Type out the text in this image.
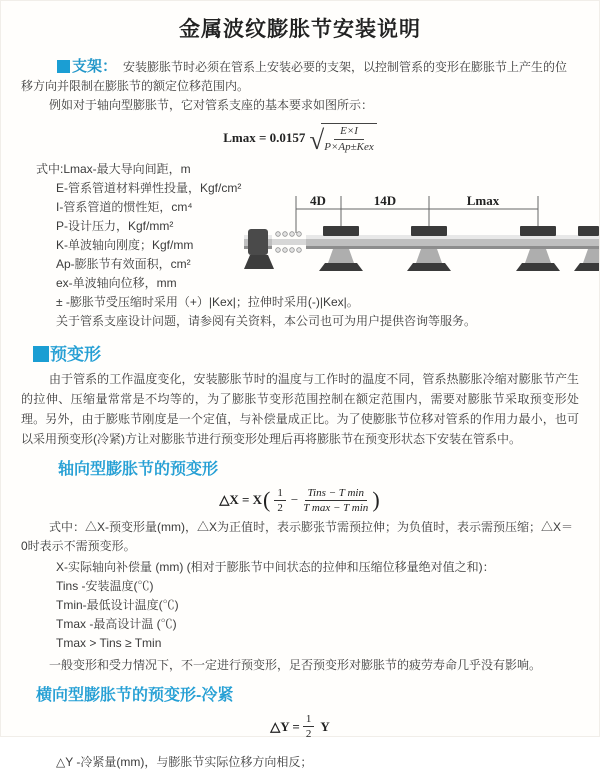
金属波纹膨胀节安装说明

支架： 安装膨胀节时必须在管系上安装必要的支架，以控制管系的变形在膨胀节上产生的位移方向并限制在膨胀节的额定位移范围内。

例如对于轴向型膨胀节，它对管系支座的基本要求如图所示：

Lmax = 0.0157 √
$\frac{E\times I}{\text{P×Ap±Kex}}$
式中:Lmax-最大导向间距，m
E-管系管道材料弹性投量，Kgf/cm²
I-管系管道的惯性矩，cm⁴
P-设计压力，Kgf/mm²
K-单波轴向刚度；Kgf/mm
Ap-膨胀节有效面积，cm²
ex-单波轴向位移，mm
± -膨胀节受压缩时采用（+）|Kex|；拉伸时采用(-)|Kex|。
关于管系支座设计问题，请参阅有关资料，本公司也可为用户提供咨询等服务。
预变形

由于管系的工作温度变化，安装膨胀节时的温度与工作时的温度不同，管系热膨胀冷缩对膨胀节产生的拉伸、压缩量常常是不均等的，为了膨胀节变形范围控制在额定范围内，需要对膨胀节采取预变形处理。另外，由于膨账节刚度是一个定值，与补偿量成正比。为了使膨胀节位移对管系的作用力最小，也可以采用预变形(冷紧)方让对膨胀节进行预变形处理后再将膨胀节在预变形状态下安装在管系中。

轴向型膨胀节的预变形
△X = X ( $\frac{1}{2}$ − Tins − T min
T max − T min )

式中：△X-预变形量(mm)，△X为正值时，表示膨张节需预拉伸；为负值时，表示需预压缩；△X＝0时表示不需预变形。

X-实际轴向补偿量 (mm) (相对于膨胀节中间状态的拉伸和压缩位移量绝对值之和)：
Tins -安装温度(℃)
Tmin-最低设计温度(℃)
Tmax -最高设计温 (℃)
Tmax > Tins ≥ Tmin

一般变形和受力情况下，不一定进行预变形，足否预变形对膨胀节的疲劳寿命几乎没有影响。

横向型膨胀节的预变形-冷紧
△Y = $\frac{1}{2}$ Y

△Y -冷紧量(mm)，与膨胀节实际位移方向相反；

4D	14D	Lmax
